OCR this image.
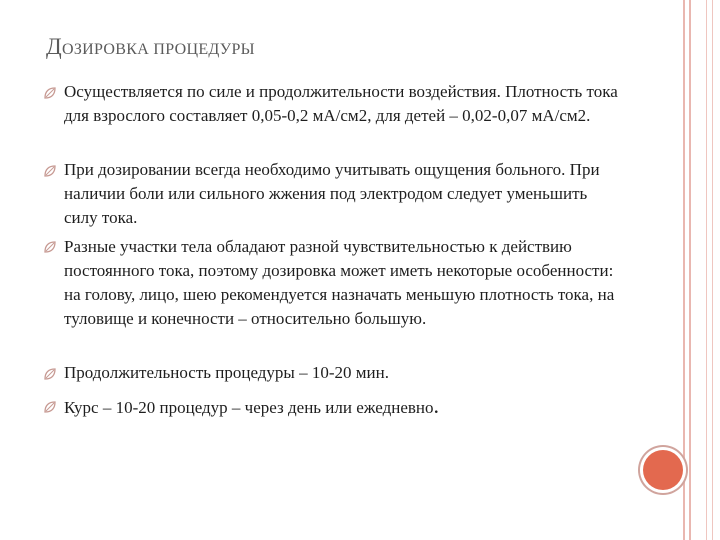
ДОЗИРОВКА ПРОЦЕДУРЫ
Осуществляется по силе и продолжительности воздействия. Плотность тока для взрослого составляет 0,05-0,2 мА/см2, для детей – 0,02-0,07 мА/см2.
При дозировании всегда необходимо учитывать ощущения больного. При наличии боли или сильного жжения под электродом следует уменьшить силу тока.
Разные участки тела обладают разной чувствительностью к действию постоянного тока, поэтому дозировка может иметь некоторые особенности: на голову, лицо, шею рекомендуется назначать меньшую плотность тока, на туловище и конечности – относительно большую.
Продолжительность процедуры – 10-20 мин.
Курс – 10-20 процедур – через день или ежедневно.
